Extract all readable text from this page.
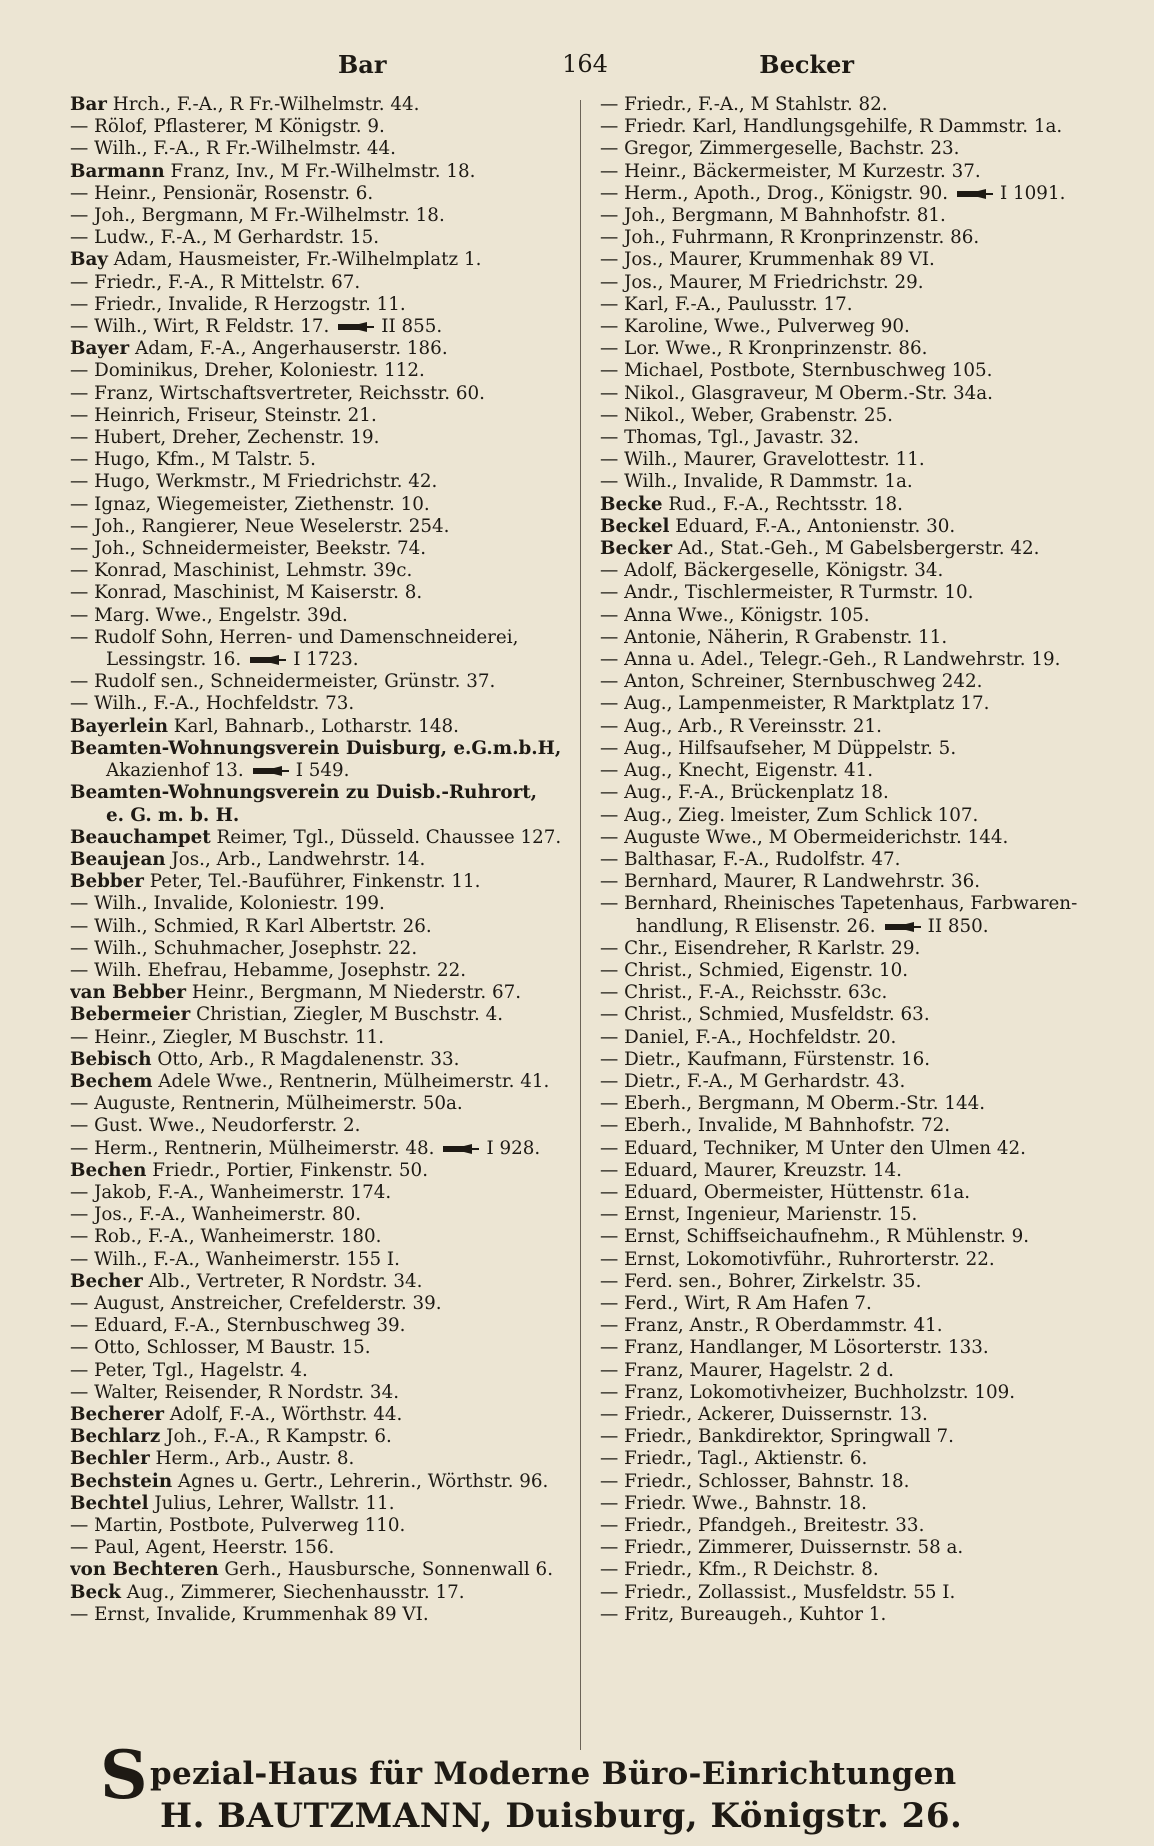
Bar	164	Becker
Bar Hrch., F.-A., R Fr.-Wilhelmstr. 44.
— Rölof, Pflasterer, M Königstr. 9.
— Wilh., F.-A., R Fr.-Wilhelmstr. 44.
Barmann Franz, Inv., M Fr.-Wilhelmstr. 18.
— Heinr., Pensionär, Rosenstr. 6.
— Joh., Bergmann, M Fr.-Wilhelmstr. 18.
— Ludw., F.-A., M Gerhardstr. 15.
Bay Adam, Hausmeister, Fr.-Wilhelmplatz 1.
— Friedr., F.-A., R Mittelstr. 67.
— Friedr., Invalide, R Herzogstr. 11.
— Wilh., Wirt, R Feldstr. 17.	II 855.
Bayer Adam, F.-A., Angerhauserstr. 186.
— Dominikus, Dreher, Koloniestr. 112.
— Franz, Wirtschaftsvertreter, Reichsstr. 60.
— Heinrich, Friseur, Steinstr. 21.
— Hubert, Dreher, Zechenstr. 19.
— Hugo, Kfm., M Talstr. 5.
— Hugo, Werkmstr., M Friedrichstr. 42.
— Ignaz, Wiegemeister, Ziethenstr. 10.
— Joh., Rangierer, Neue Weselerstr. 254.
— Joh., Schneidermeister, Beekstr. 74.
— Konrad, Maschinist, Lehmstr. 39c.
— Konrad, Maschinist, M Kaiserstr. 8.
— Marg. Wwe., Engelstr. 39d.
— Rudolf Sohn, Herren- und Damenschneiderei,
Lessingstr. 16.	I 1723.
— Rudolf sen., Schneidermeister, Grünstr. 37.
— Wilh., F.-A., Hochfeldstr. 73.
Bayerlein Karl, Bahnarb., Lotharstr. 148.
Beamten-Wohnungsverein Duisburg, e.G.m.b.H,
Akazienhof 13.	I 549.
Beamten-Wohnungsverein zu Duisb.-Ruhrort,
e. G. m. b. H.
Beauchampet Reimer, Tgl., Düsseld. Chaussee 127.
Beaujean Jos., Arb., Landwehrstr. 14.
Bebber Peter, Tel.-Bauführer, Finkenstr. 11.
— Wilh., Invalide, Koloniestr. 199.
— Wilh., Schmied, R Karl Albertstr. 26.
— Wilh., Schuhmacher, Josephstr. 22.
— Wilh. Ehefrau, Hebamme, Josephstr. 22.
van Bebber Heinr., Bergmann, M Niederstr. 67.
Bebermeier Christian, Ziegler, M Buschstr. 4.
— Heinr., Ziegler, M Buschstr. 11.
Bebisch Otto, Arb., R Magdalenenstr. 33.
Bechem Adele Wwe., Rentnerin, Mülheimerstr. 41.
— Auguste, Rentnerin, Mülheimerstr. 50a.
— Gust. Wwe., Neudorferstr. 2.
— Herm., Rentnerin, Mülheimerstr. 48.	I 928.
Bechen Friedr., Portier, Finkenstr. 50.
— Jakob, F.-A., Wanheimerstr. 174.
— Jos., F.-A., Wanheimerstr. 80.
— Rob., F.-A., Wanheimerstr. 180.
— Wilh., F.-A., Wanheimerstr. 155 I.
Becher Alb., Vertreter, R Nordstr. 34.
— August, Anstreicher, Crefelderstr. 39.
— Eduard, F.-A., Sternbuschweg 39.
— Otto, Schlosser, M Baustr. 15.
— Peter, Tgl., Hagelstr. 4.
— Walter, Reisender, R Nordstr. 34.
Becherer Adolf, F.-A., Wörthstr. 44.
Bechlarz Joh., F.-A., R Kampstr. 6.
Bechler Herm., Arb., Austr. 8.
Bechstein Agnes u. Gertr., Lehrerin., Wörthstr. 96.
Bechtel Julius, Lehrer, Wallstr. 11.
— Martin, Postbote, Pulverweg 110.
— Paul, Agent, Heerstr. 156.
von Bechteren Gerh., Hausbursche, Sonnenwall 6.
Beck Aug., Zimmerer, Siechenhausstr. 17.
— Ernst, Invalide, Krummenhak 89 VI.
— Friedr., F.-A., M Stahlstr. 82.
— Friedr. Karl, Handlungsgehilfe, R Dammstr. 1a.
— Gregor, Zimmergeselle, Bachstr. 23.
— Heinr., Bäckermeister, M Kurzestr. 37.
— Herm., Apoth., Drog., Königstr. 90.	I 1091.
— Joh., Bergmann, M Bahnhofstr. 81.
— Joh., Fuhrmann, R Kronprinzenstr. 86.
— Jos., Maurer, Krummenhak 89 VI.
— Jos., Maurer, M Friedrichstr. 29.
— Karl, F.-A., Paulusstr. 17.
— Karoline, Wwe., Pulverweg 90.
— Lor. Wwe., R Kronprinzenstr. 86.
— Michael, Postbote, Sternbuschweg 105.
— Nikol., Glasgraveur, M Oberm.-Str. 34a.
— Nikol., Weber, Grabenstr. 25.
— Thomas, Tgl., Javastr. 32.
— Wilh., Maurer, Gravelottestr. 11.
— Wilh., Invalide, R Dammstr. 1a.
Becke Rud., F.-A., Rechtsstr. 18.
Beckel Eduard, F.-A., Antonienstr. 30.
Becker Ad., Stat.-Geh., M Gabelsbergerstr. 42.
— Adolf, Bäckergeselle, Königstr. 34.
— Andr., Tischlermeister, R Turmstr. 10.
— Anna Wwe., Königstr. 105.
— Antonie, Näherin, R Grabenstr. 11.
— Anna u. Adel., Telegr.-Geh., R Landwehrstr. 19.
— Anton, Schreiner, Sternbuschweg 242.
— Aug., Lampenmeister, R Marktplatz 17.
— Aug., Arb., R Vereinsstr. 21.
— Aug., Hilfsaufseher, M Düppelstr. 5.
— Aug., Knecht, Eigenstr. 41.
— Aug., F.-A., Brückenplatz 18.
— Aug., Zieg. lmeister, Zum Schlick 107.
— Auguste Wwe., M Obermeiderichstr. 144.
— Balthasar, F.-A., Rudolfstr. 47.
— Bernhard, Maurer, R Landwehrstr. 36.
— Bernhard, Rheinisches Tapetenhaus, Farbwaren-
handlung, R Elisenstr. 26.	II 850.
— Chr., Eisendreher, R Karlstr. 29.
— Christ., Schmied, Eigenstr. 10.
— Christ., F.-A., Reichsstr. 63c.
— Christ., Schmied, Musfeldstr. 63.
— Daniel, F.-A., Hochfeldstr. 20.
— Dietr., Kaufmann, Fürstenstr. 16.
— Dietr., F.-A., M Gerhardstr. 43.
— Eberh., Bergmann, M Oberm.-Str. 144.
— Eberh., Invalide, M Bahnhofstr. 72.
— Eduard, Techniker, M Unter den Ulmen 42.
— Eduard, Maurer, Kreuzstr. 14.
— Eduard, Obermeister, Hüttenstr. 61a.
— Ernst, Ingenieur, Marienstr. 15.
— Ernst, Schiffseichaufnehm., R Mühlenstr. 9.
— Ernst, Lokomotivführ., Ruhrorterstr. 22.
— Ferd. sen., Bohrer, Zirkelstr. 35.
— Ferd., Wirt, R Am Hafen 7.
— Franz, Anstr., R Oberdammstr. 41.
— Franz, Handlanger, M Lösorterstr. 133.
— Franz, Maurer, Hagelstr. 2 d.
— Franz, Lokomotivheizer, Buchholzstr. 109.
— Friedr., Ackerer, Duissernstr. 13.
— Friedr., Bankdirektor, Springwall 7.
— Friedr., Tagl., Aktienstr. 6.
— Friedr., Schlosser, Bahnstr. 18.
— Friedr. Wwe., Bahnstr. 18.
— Friedr., Pfandgeh., Breitestr. 33.
— Friedr., Zimmerer, Duissernstr. 58 a.
— Friedr., Kfm., R Deichstr. 8.
— Friedr., Zollassist., Musfeldstr. 55 I.
— Fritz, Bureaugeh., Kuhtor 1.
Spezial-Haus für Moderne Büro-Einrichtungen
H. BAUTZMANN, Duisburg, Königstr. 26.
